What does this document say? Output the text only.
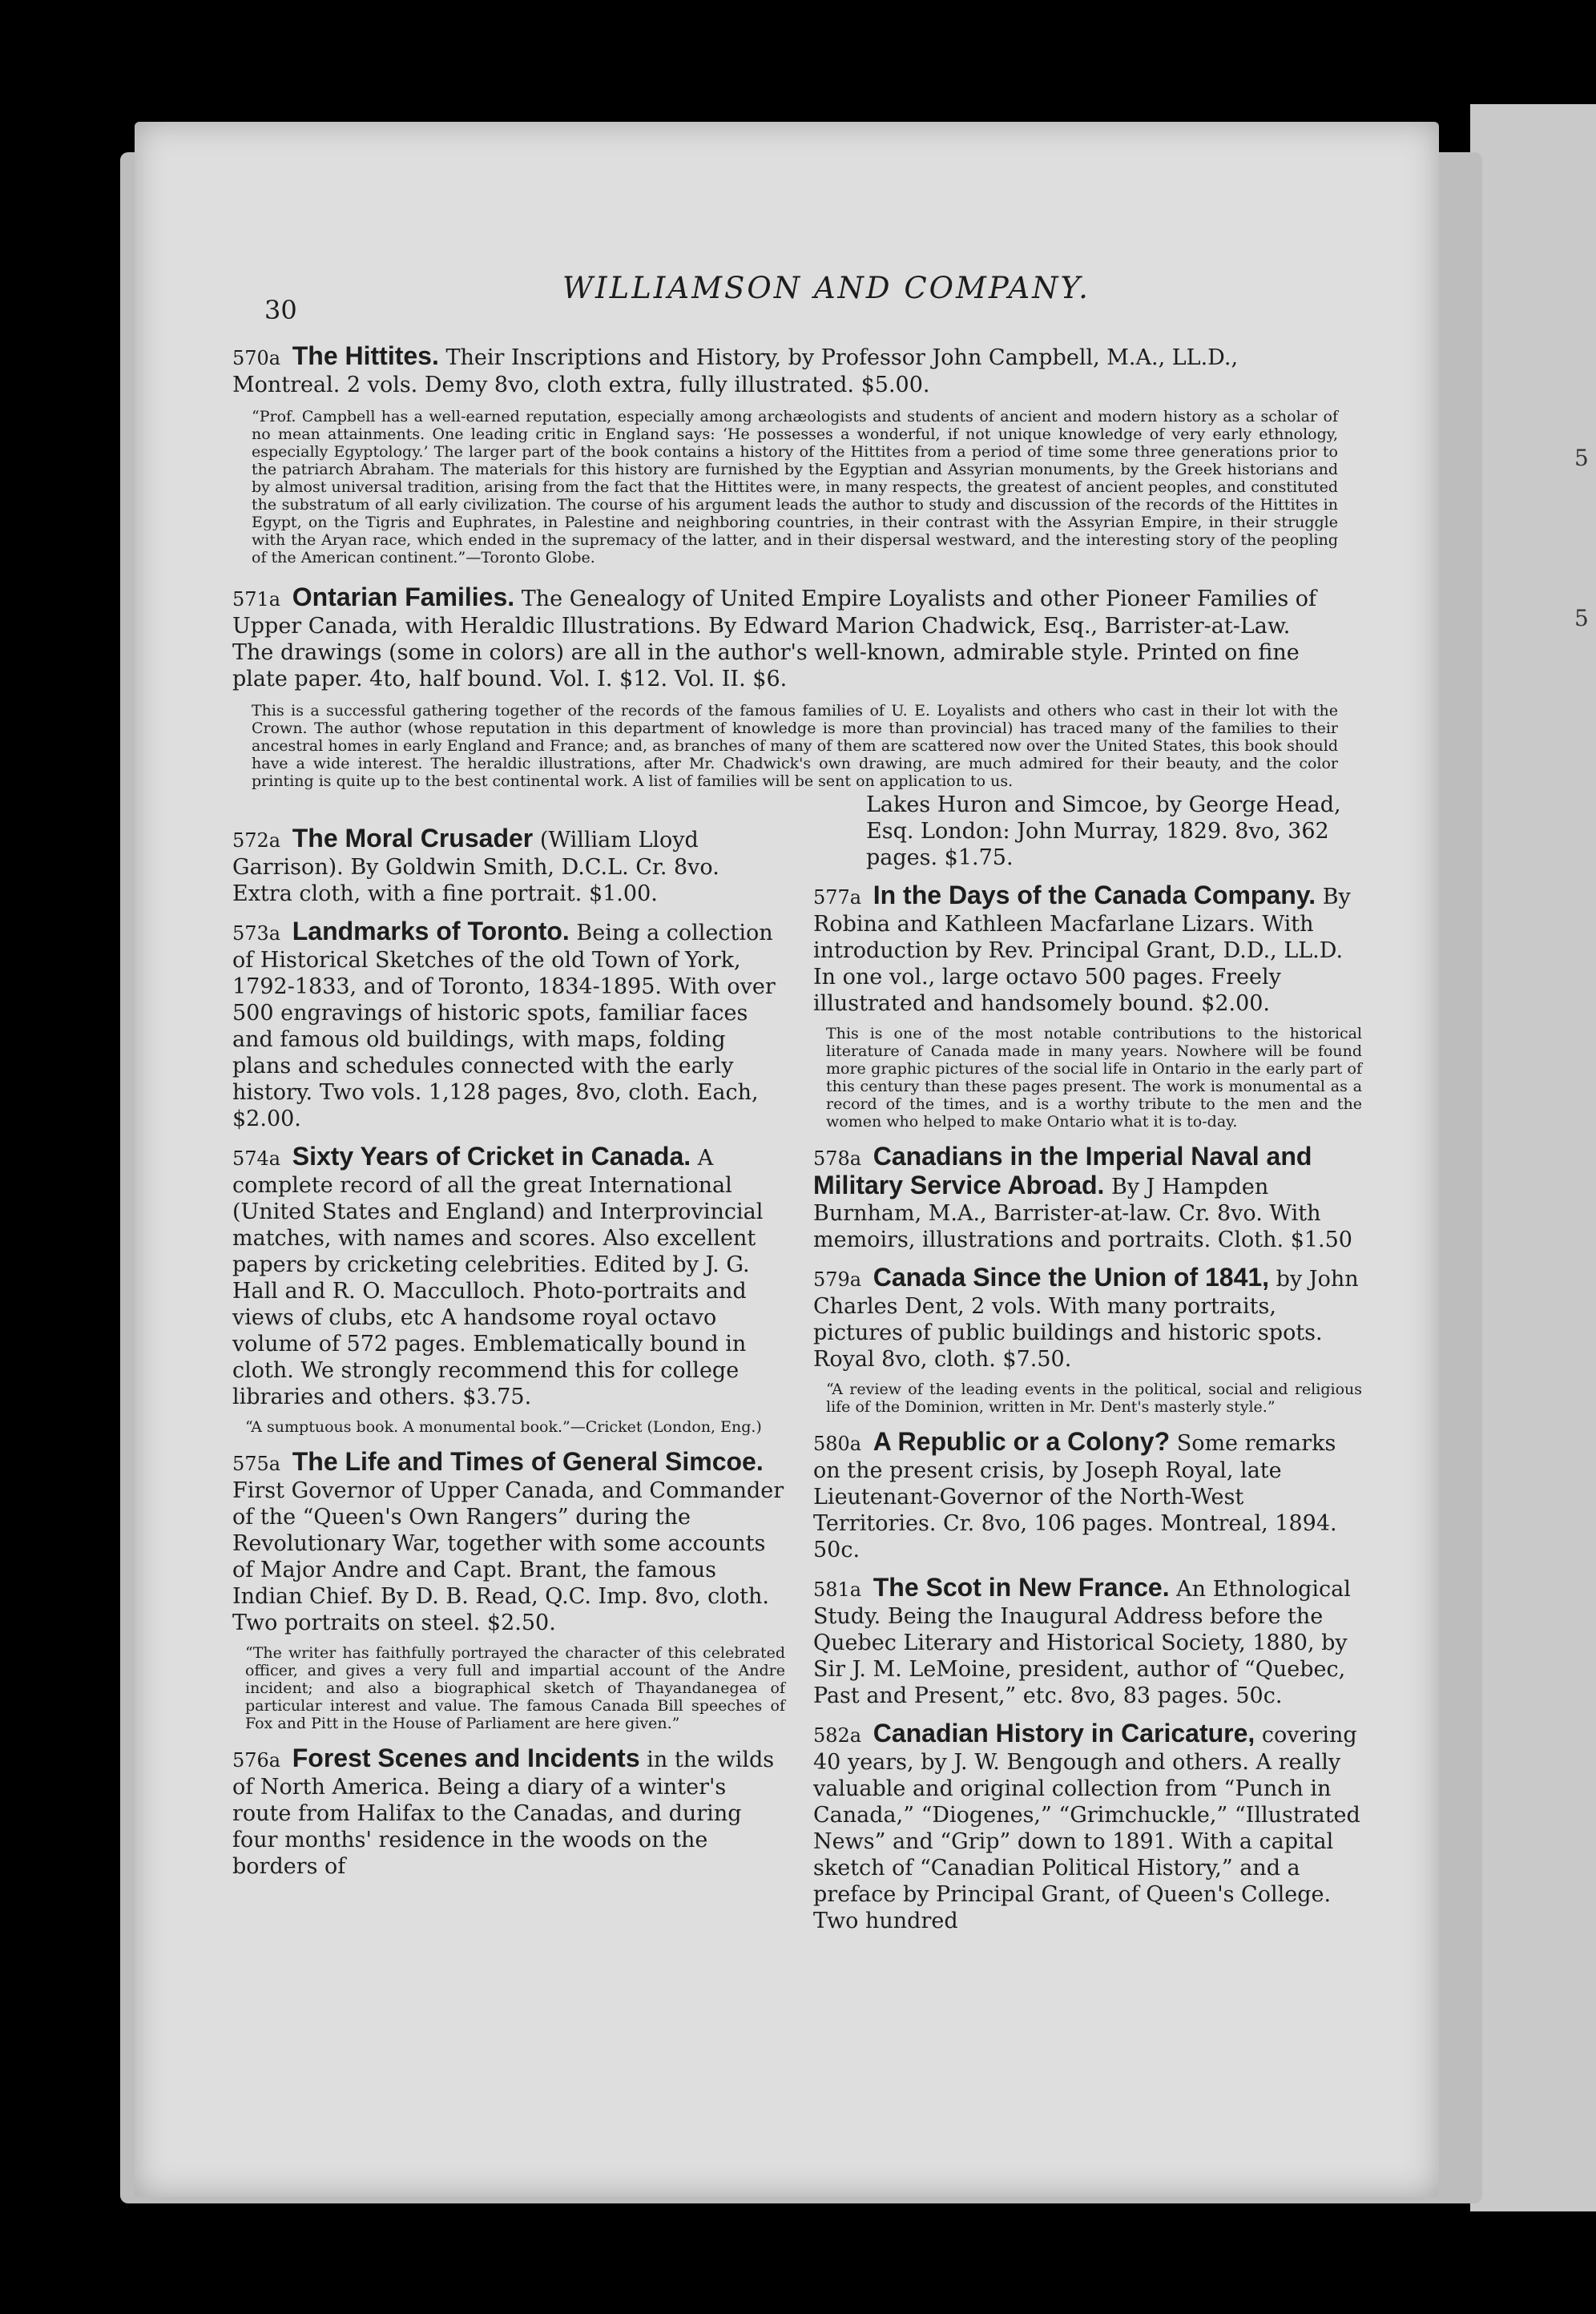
5
5
30
WILLIAMSON AND COMPANY.
570a The Hittites. Their Inscriptions and History, by Professor John Campbell, M.A., LL.D., Montreal. 2 vols. Demy 8vo, cloth extra, fully illustrated. $5.00.
“Prof. Campbell has a well-earned reputation, especially among archæologists and students of ancient and modern history as a scholar of no mean attainments. One leading critic in England says: ‘He possesses a wonderful, if not unique knowledge of very early ethnology, especially Egyptology.’ The larger part of the book contains a history of the Hittites from a period of time some three generations prior to the patriarch Abraham. The materials for this history are furnished by the Egyptian and Assyrian monuments, by the Greek historians and by almost universal tradition, arising from the fact that the Hittites were, in many respects, the greatest of ancient peoples, and constituted the substratum of all early civilization. The course of his argument leads the author to study and discussion of the records of the Hittites in Egypt, on the Tigris and Euphrates, in Palestine and neighboring countries, in their contrast with the Assyrian Empire, in their struggle with the Aryan race, which ended in the supremacy of the latter, and in their dispersal westward, and the interesting story of the peopling of the American continent.”—Toronto Globe.
571a Ontarian Families. The Genealogy of United Empire Loyalists and other Pioneer Families of Upper Canada, with Heraldic Illustrations. By Edward Marion Chadwick, Esq., Barrister-at-Law. The drawings (some in colors) are all in the author's well-known, admirable style. Printed on fine plate paper. 4to, half bound. Vol. I. $12. Vol. II. $6.
This is a successful gathering together of the records of the famous families of U. E. Loyalists and others who cast in their lot with the Crown. The author (whose reputation in this department of knowledge is more than provincial) has traced many of the families to their ancestral homes in early England and France; and, as branches of many of them are scattered now over the United States, this book should have a wide interest. The heraldic illustrations, after Mr. Chadwick's own drawing, are much admired for their beauty, and the color printing is quite up to the best continental work. A list of families will be sent on application to us.
572a The Moral Crusader (William Lloyd Garrison). By Goldwin Smith, D.C.L. Cr. 8vo. Extra cloth, with a fine portrait. $1.00.
573a Landmarks of Toronto. Being a collection of Historical Sketches of the old Town of York, 1792-1833, and of Toronto, 1834-1895. With over 500 engravings of historic spots, familiar faces and famous old buildings, with maps, folding plans and schedules connected with the early history. Two vols. 1,128 pages, 8vo, cloth. Each, $2.00.
574a Sixty Years of Cricket in Canada. A complete record of all the great International (United States and England) and Interprovincial matches, with names and scores. Also excellent papers by cricketing celebrities. Edited by J. G. Hall and R. O. Macculloch. Photo-portraits and views of clubs, etc A handsome royal octavo volume of 572 pages. Emblematically bound in cloth. We strongly recommend this for college libraries and others. $3.75.
“A sumptuous book. A monumental book.”—Cricket (London, Eng.)
575a The Life and Times of General Simcoe. First Governor of Upper Canada, and Commander of the “Queen's Own Rangers” during the Revolutionary War, together with some accounts of Major Andre and Capt. Brant, the famous Indian Chief. By D. B. Read, Q.C. Imp. 8vo, cloth. Two portraits on steel. $2.50.
“The writer has faithfully portrayed the character of this celebrated officer, and gives a very full and impartial account of the Andre incident; and also a biographical sketch of Thayandanegea of particular interest and value. The famous Canada Bill speeches of Fox and Pitt in the House of Parliament are here given.”
576a Forest Scenes and Incidents in the wilds of North America. Being a diary of a winter's route from Halifax to the Canadas, and during four months' residence in the woods on the borders of
Lakes Huron and Simcoe, by George Head, Esq. London: John Murray, 1829. 8vo, 362 pages. $1.75.
577a In the Days of the Canada Company. By Robina and Kathleen Macfarlane Lizars. With introduction by Rev. Principal Grant, D.D., LL.D. In one vol., large octavo 500 pages. Freely illustrated and handsomely bound. $2.00.
This is one of the most notable contributions to the historical literature of Canada made in many years. Nowhere will be found more graphic pictures of the social life in Ontario in the early part of this century than these pages present. The work is monumental as a record of the times, and is a worthy tribute to the men and the women who helped to make Ontario what it is to-day.
578a Canadians in the Imperial Naval and Military Service Abroad. By J Hampden Burnham, M.A., Barrister-at-law. Cr. 8vo. With memoirs, illustrations and portraits. Cloth. $1.50
579a Canada Since the Union of 1841, by John Charles Dent, 2 vols. With many portraits, pictures of public buildings and historic spots. Royal 8vo, cloth. $7.50.
“A review of the leading events in the political, social and religious life of the Dominion, written in Mr. Dent's masterly style.”
580a A Republic or a Colony? Some remarks on the present crisis, by Joseph Royal, late Lieutenant-Governor of the North-West Territories. Cr. 8vo, 106 pages. Montreal, 1894. 50c.
581a The Scot in New France. An Ethnological Study. Being the Inaugural Address before the Quebec Literary and Historical Society, 1880, by Sir J. M. LeMoine, president, author of “Quebec, Past and Present,” etc. 8vo, 83 pages. 50c.
582a Canadian History in Caricature, covering 40 years, by J. W. Bengough and others. A really valuable and original collection from “Punch in Canada,” “Diogenes,” “Grimchuckle,” “Illustrated News” and “Grip” down to 1891. With a capital sketch of “Canadian Political History,” and a preface by Principal Grant, of Queen's College. Two hundred
